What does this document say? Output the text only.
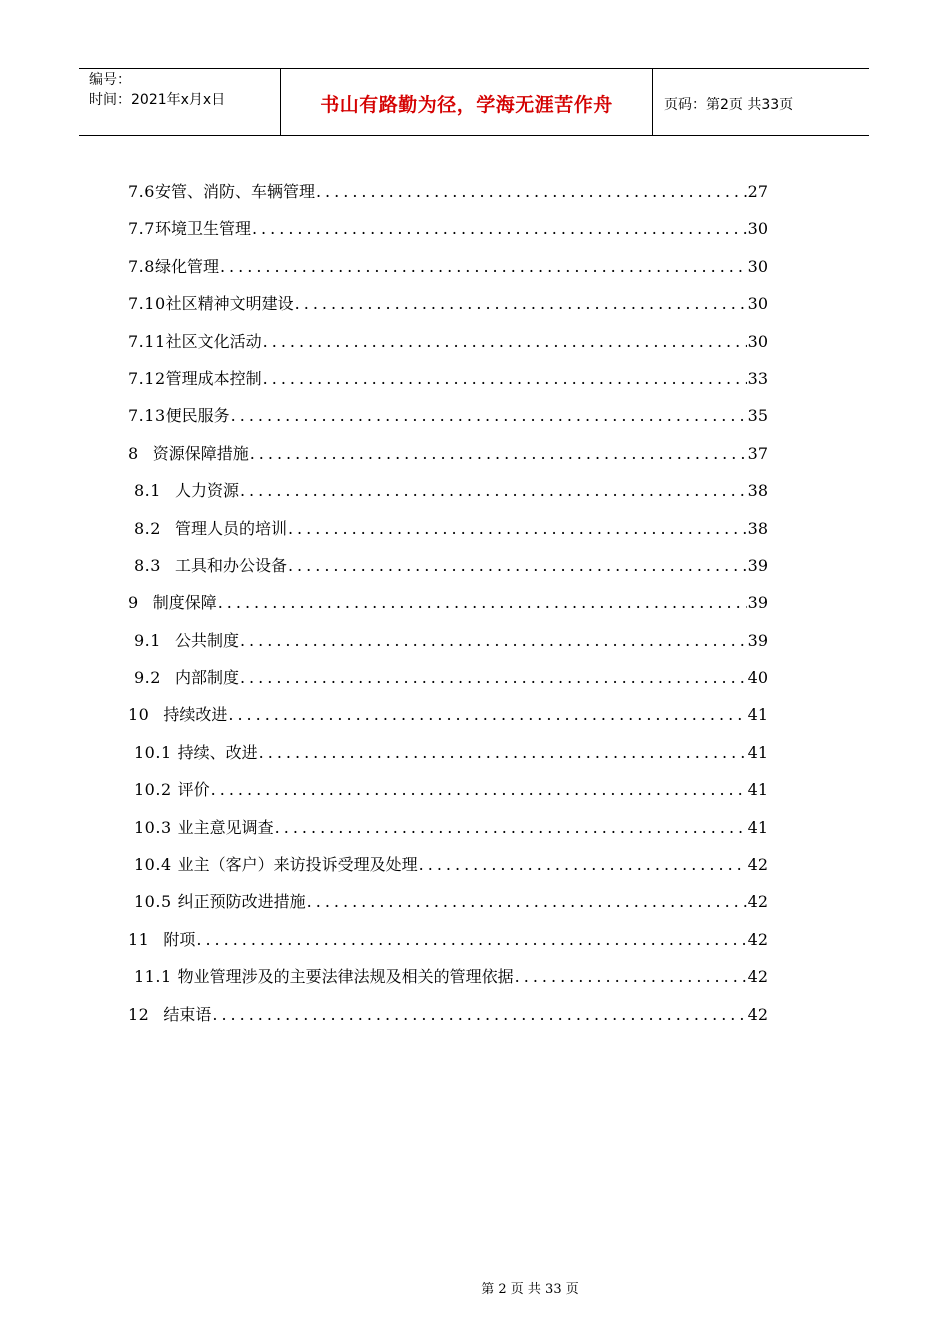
编号：
时间：2021年x月x日	书山有路勤为径，学海无涯苦作舟	页码：第2页 共33页
7.6 安管、消防、车辆管理 .....	27
7.7 环境卫生管理 .....	30
7.8 绿化管理 .....	30
7.10 社区精神文明建设 .....	30
7.11 社区文化活动 .....	30
7.12 管理成本控制 .....	33
7.13 便民服务 .....	35
8 资源保障措施 .....	37
8.1 人力资源 .....	38
8.2 管理人员的培训 .....	38
8.3 工具和办公设备 .....	39
9 制度保障 .....	39
9.1 公共制度 .....	39
9.2 内部制度 .....	40
10 持续改进 .....	41
10.1 持续、改进 .....	41
10.2 评价 .....	41
10.3 业主意见调查 .....	41
10.4 业主（客户）来访投诉受理及处理 .....	42
10.5 纠正预防改进措施 .....	42
11 附项 .....	42
11.1 物业管理涉及的主要法律法规及相关的管理依据 .....	42
12 结束语 .....	42
第 2 页 共 33 页
